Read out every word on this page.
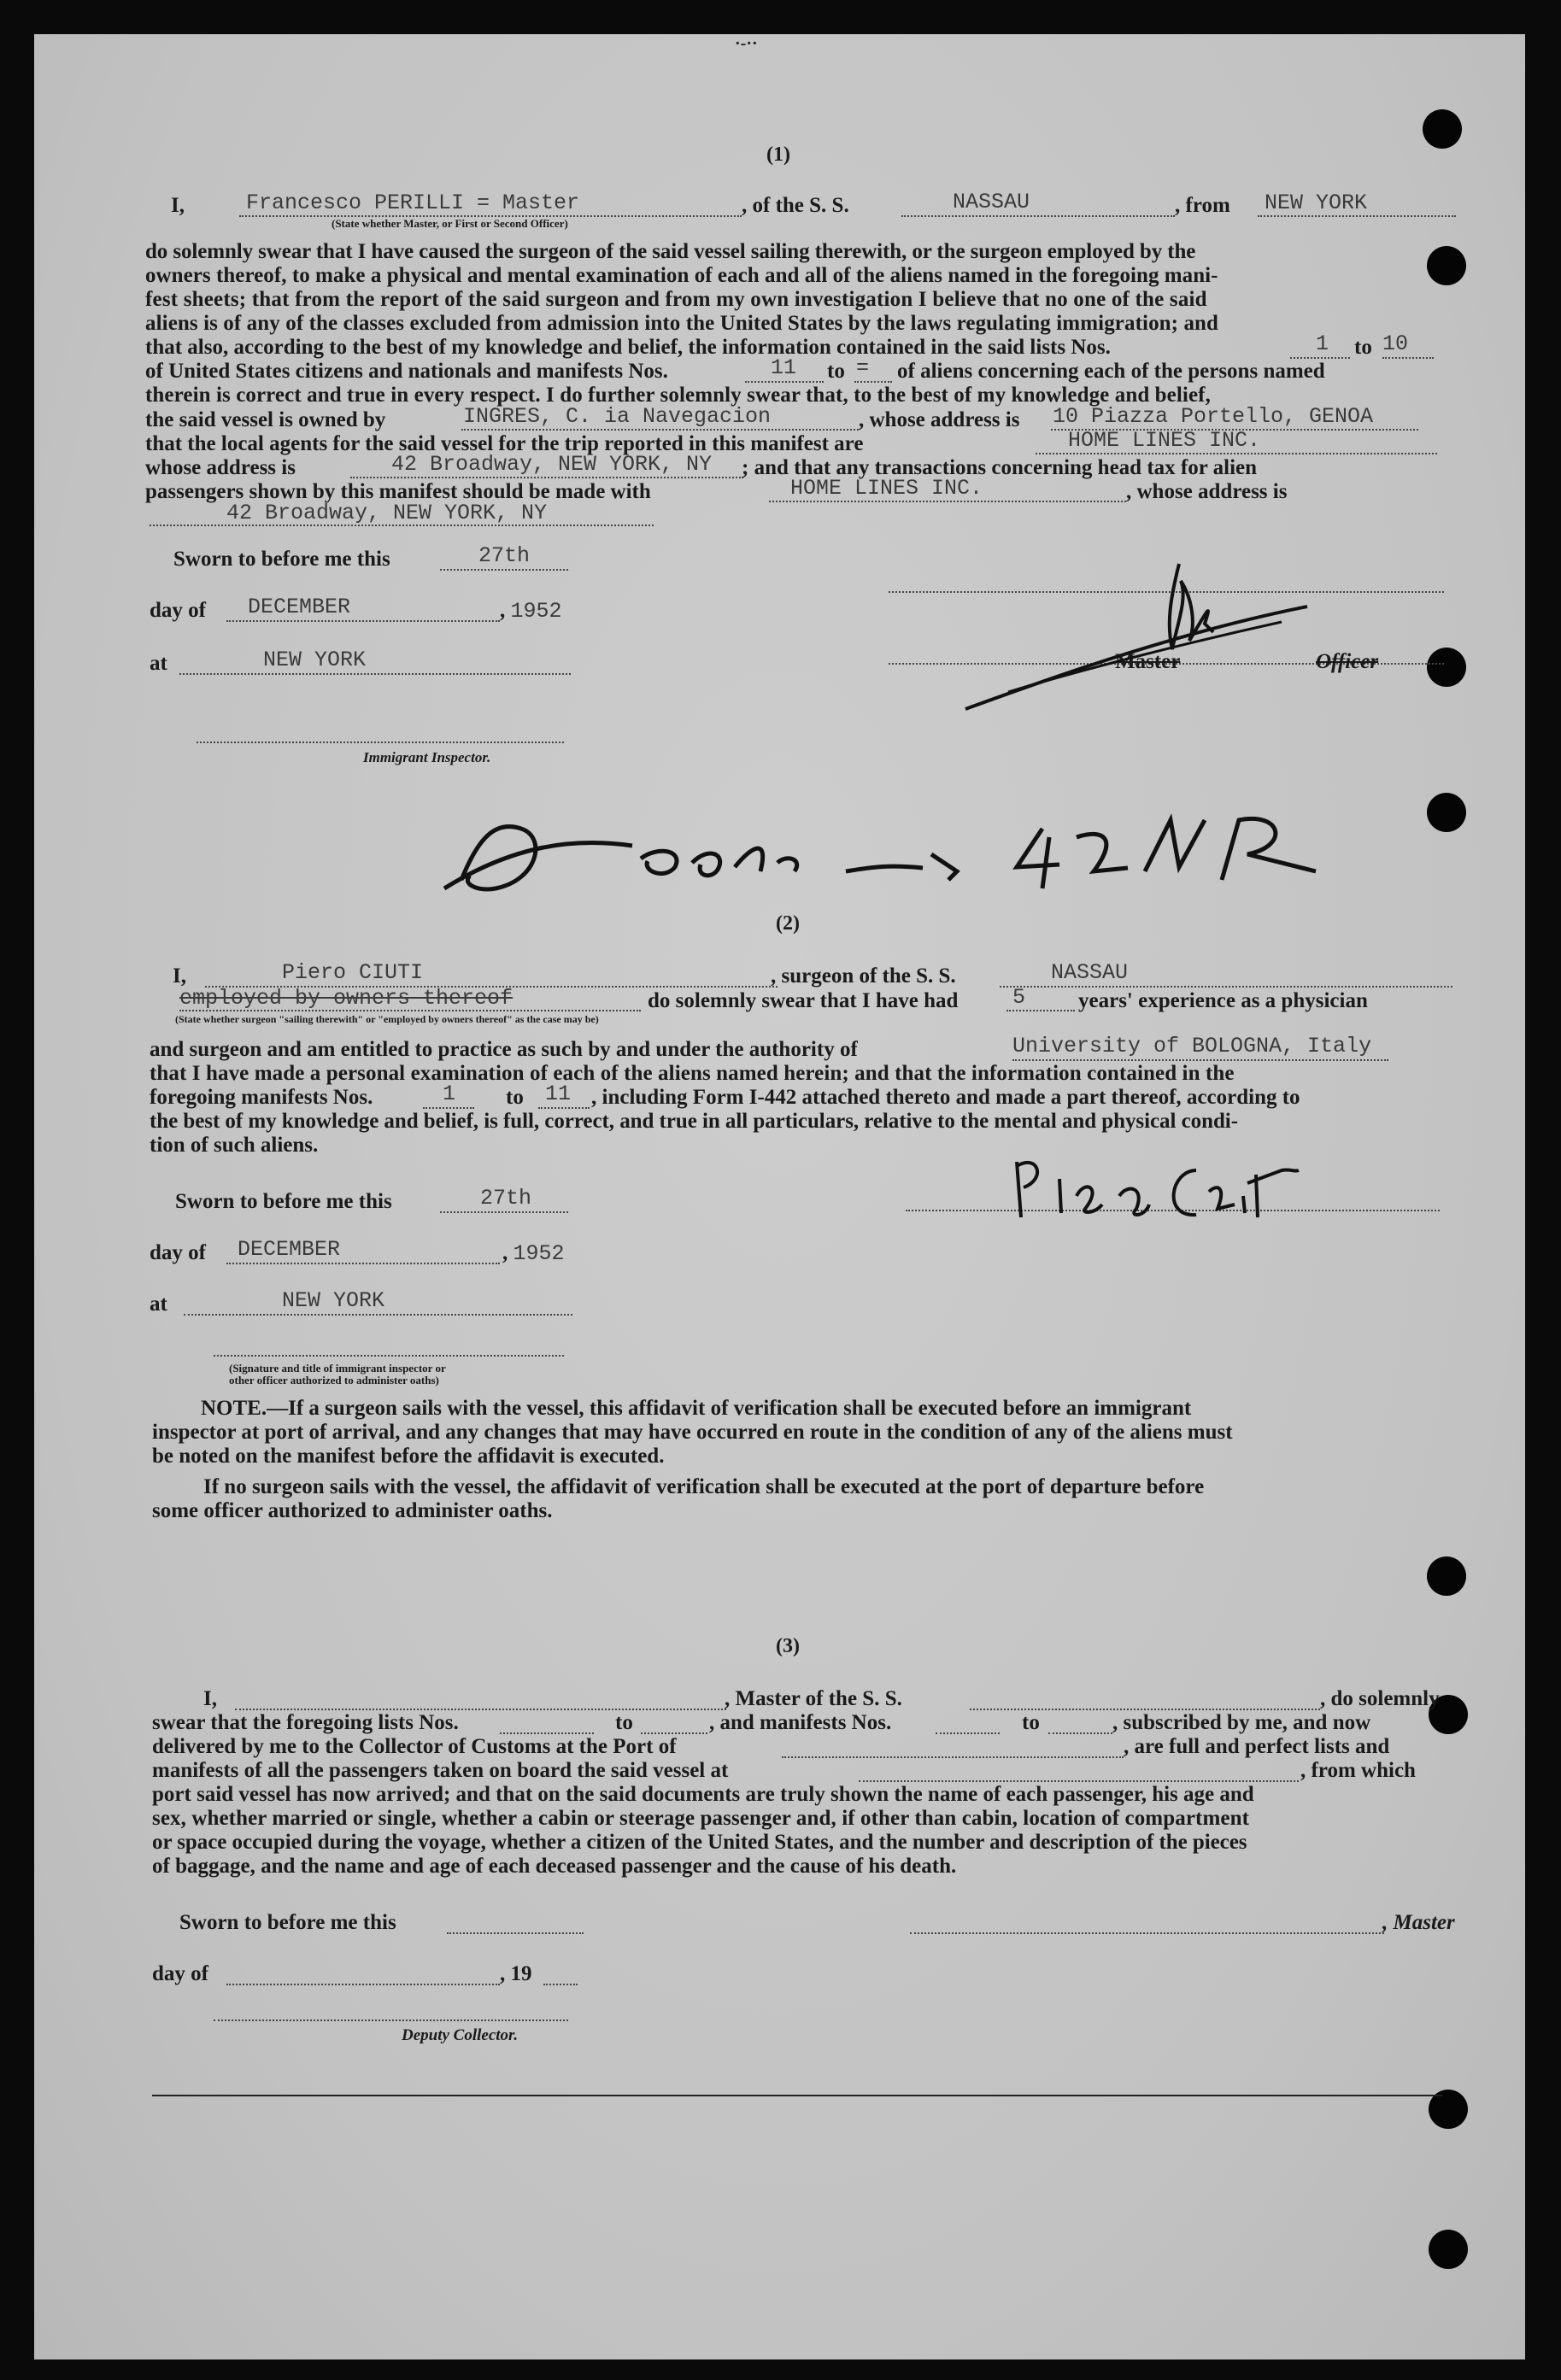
·-··
(1)
I,	Francesco PERILLI = Master	, of the S. S.	NASSAU	, from NEW YORK
(State whether Master, or First or Second Officer)
do solemnly swear that I have caused the surgeon of the said vessel sailing therewith, or the surgeon employed by the
owners thereof, to make a physical and mental examination of each and all of the aliens named in the foregoing mani-
fest sheets; that from the report of the said surgeon and from my own investigation I believe that no one of the said
aliens is of any of the classes excluded from admission into the United States by the laws regulating immigration; and
that also, according to the best of my knowledge and belief, the information contained in the said lists Nos.	1 to 10
of United States citizens and nationals and manifests Nos.	11 to = of aliens concerning each of the persons named
therein is correct and true in every respect. I do further solemnly swear that, to the best of my knowledge and belief,
the said vessel is owned by	INGRES, C. ia Navegacion	, whose address is 10 Piazza Portello, GENOA
that the local agents for the said vessel for the trip reported in this manifest are	HOME LINES INC.
whose address is	42 Broadway, NEW YORK, NY ; and that any transactions concerning head tax for alien
passengers shown by this manifest should be made with	HOME LINES INC.	, whose address is
42 Broadway, NEW YORK, NY
Sworn to before me this	27th
day of DECEMBER	, 1952
at	NEW YORK
Immigrant Inspector.
Master	Officer
(2)
I,	Piero CIUTI	, surgeon of the S. S.	NASSAU
employed by owners thereof	do solemnly swear that I have had	5 years' experience as a physician
(State whether surgeon "sailing therewith" or "employed by owners thereof" as the case may be)
and surgeon and am entitled to practice as such by and under the authority of	University of BOLOGNA, Italy
that I have made a personal examination of each of the aliens named herein; and that the information contained in the
foregoing manifests Nos.	1 to 11 , including Form I-442 attached thereto and made a part thereof, according to
the best of my knowledge and belief, is full, correct, and true in all particulars, relative to the mental and physical condi-
tion of such aliens.
Sworn to before me this	27th
day of DECEMBER	, 1952
at	NEW YORK
(Signature and title of immigrant inspector or
other officer authorized to administer oaths)
NOTE.—If a surgeon sails with the vessel, this affidavit of verification shall be executed before an immigrant
inspector at port of arrival, and any changes that may have occurred en route in the condition of any of the aliens must
be noted on the manifest before the affidavit is executed.
If no surgeon sails with the vessel, the affidavit of verification shall be executed at the port of departure before
some officer authorized to administer oaths.
(3)
I,	, Master of the S. S.	, do solemnly
swear that the foregoing lists Nos.	to	, and manifests Nos.	to	, subscribed by me, and now
delivered by me to the Collector of Customs at the Port of	, are full and perfect lists and
manifests of all the passengers taken on board the said vessel at	, from which
port said vessel has now arrived; and that on the said documents are truly shown the name of each passenger, his age and
sex, whether married or single, whether a cabin or steerage passenger and, if other than cabin, location of compartment
or space occupied during the voyage, whether a citizen of the United States, and the number and description of the pieces
of baggage, and the name and age of each deceased passenger and the cause of his death.
Sworn to before me this	, Master
day of	, 19
Deputy Collector.
